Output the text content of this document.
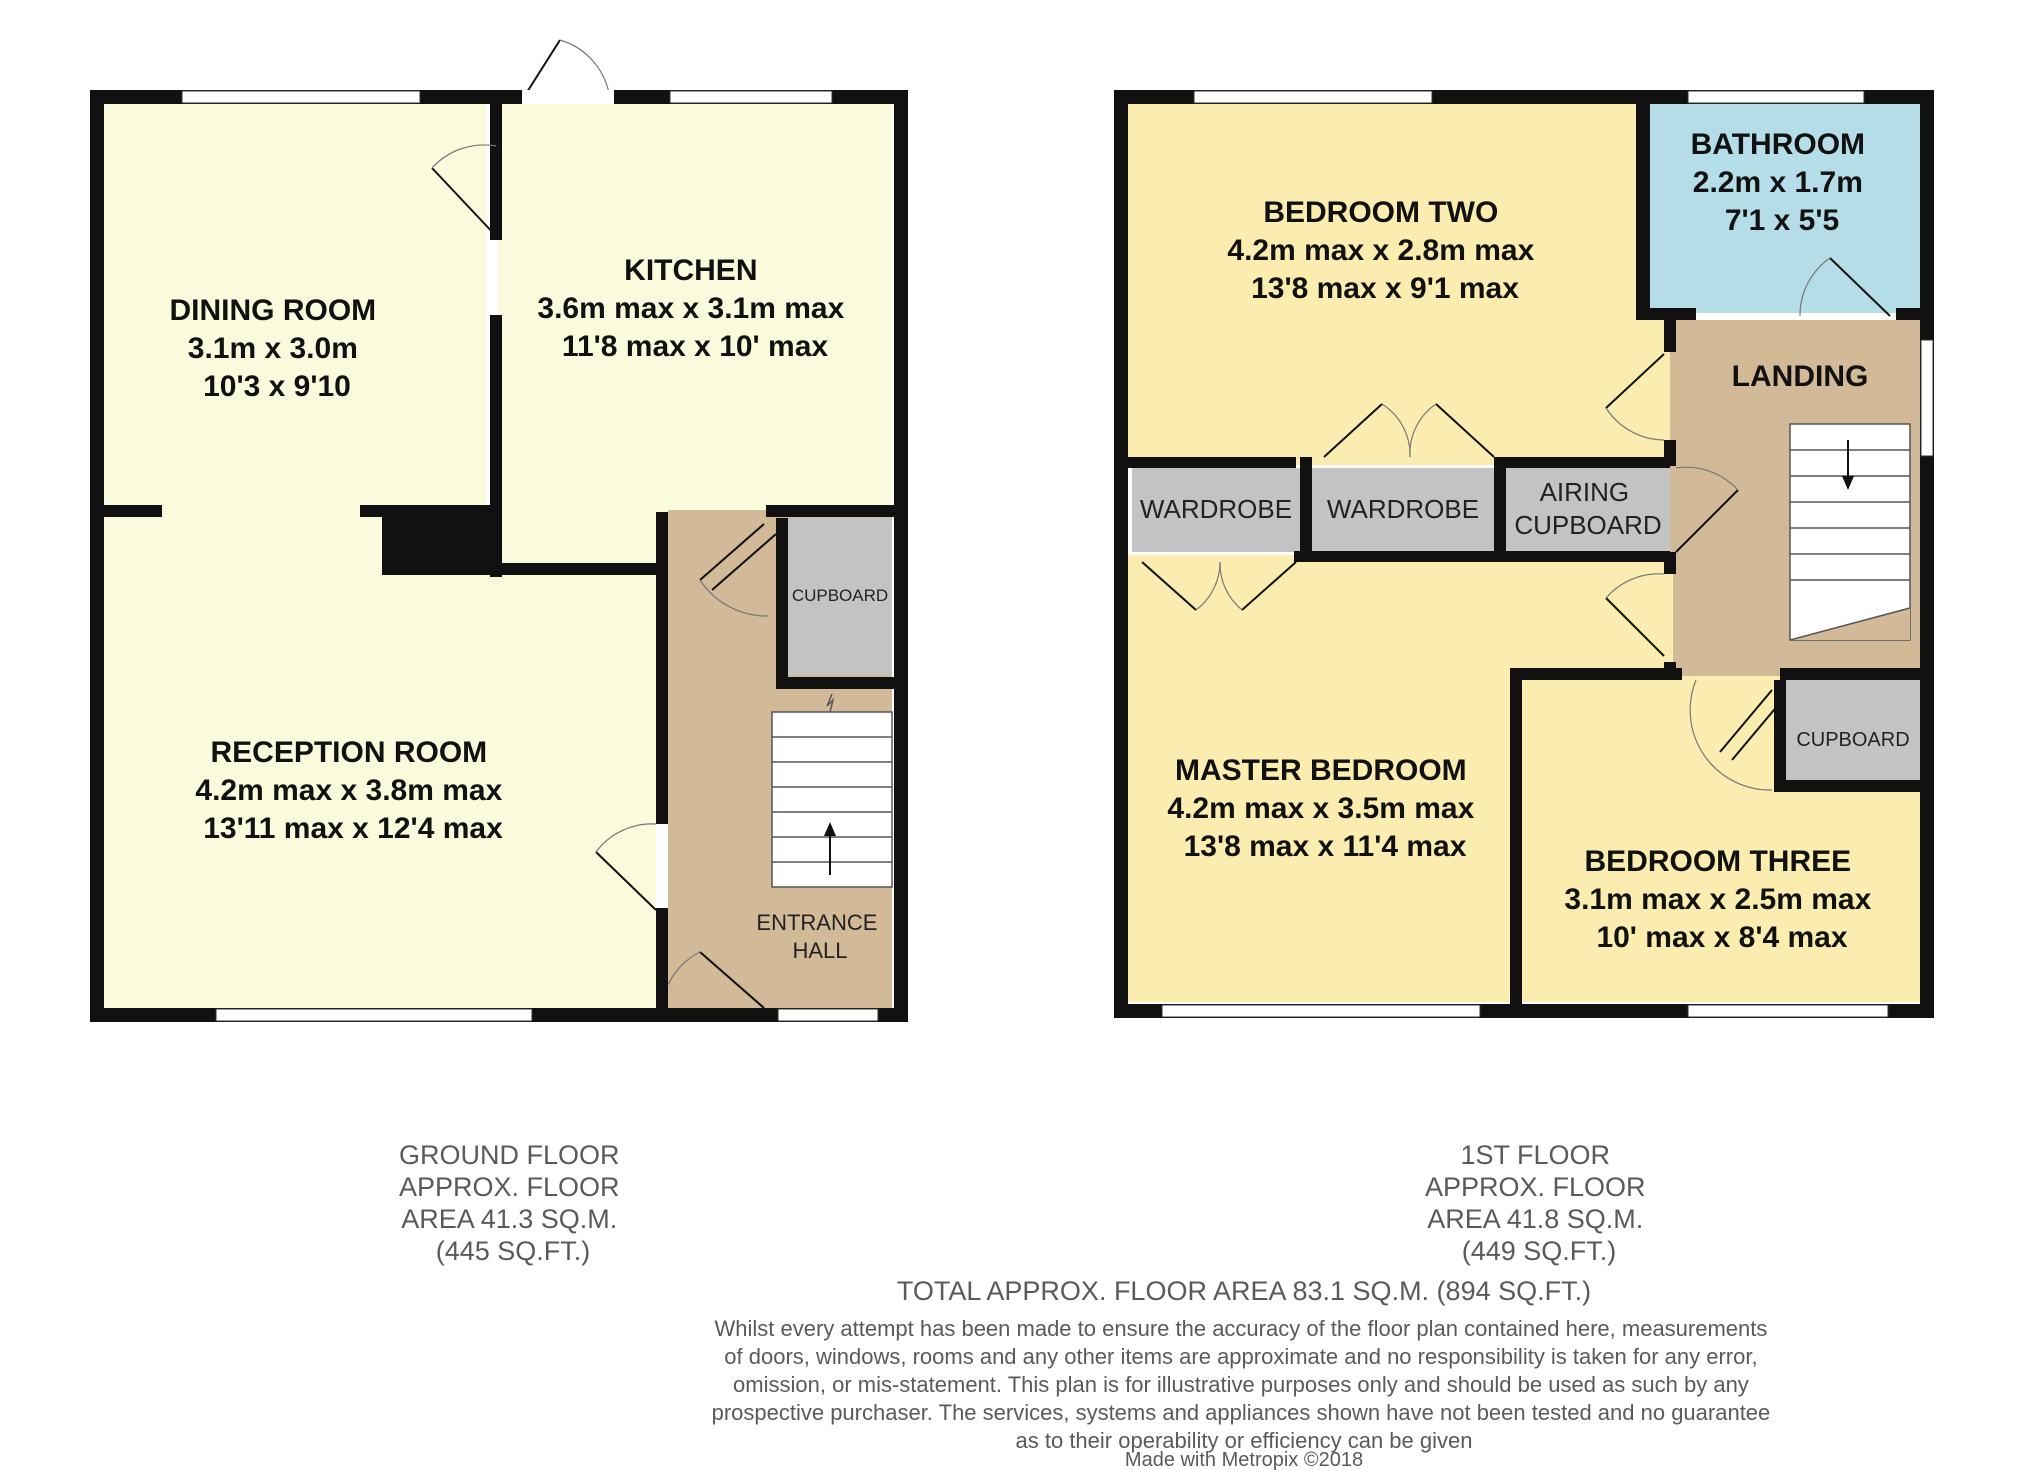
DINING ROOM 3.1m x 3.0m 10'3 x 9'10
KITCHEN 3.6m max x 3.1m max 11'8 max x 10' max
RECEPTION ROOM 4.2m max x 3.8m max 13'11 max x 12'4 max
CUPBOARD
ENTRANCE HALL
BEDROOM TWO 4.2m max x 2.8m max 13'8 max x 9'1 max
BATHROOM 2.2m x 1.7m 7'1 x 5'5
LANDING
WARDROBE WARDROBE
AIRING CUPBOARD
MASTER BEDROOM 4.2m max x 3.5m max 13'8 max x 11'4 max
CUPBOARD
BEDROOM THREE 3.1m max x 2.5m max 10' max x 8'4 max
GROUND FLOOR APPROX. FLOOR AREA 41.3 SQ.M. (445 SQ.FT.)
1ST FLOOR APPROX. FLOOR AREA 41.8 SQ.M. (449 SQ.FT.)
TOTAL APPROX. FLOOR AREA 83.1 SQ.M. (894 SQ.FT.)
Whilst every attempt has been made to ensure the accuracy of the floor plan contained here, measurements of doors, windows, rooms and any other items are approximate and no responsibility is taken for any error, omission, or mis-statement. This plan is for illustrative purposes only and should be used as such by any prospective purchaser. The services, systems and appliances shown have not been tested and no guarantee as to their operability or efficiency can be given
Made with Metropix ©2018
